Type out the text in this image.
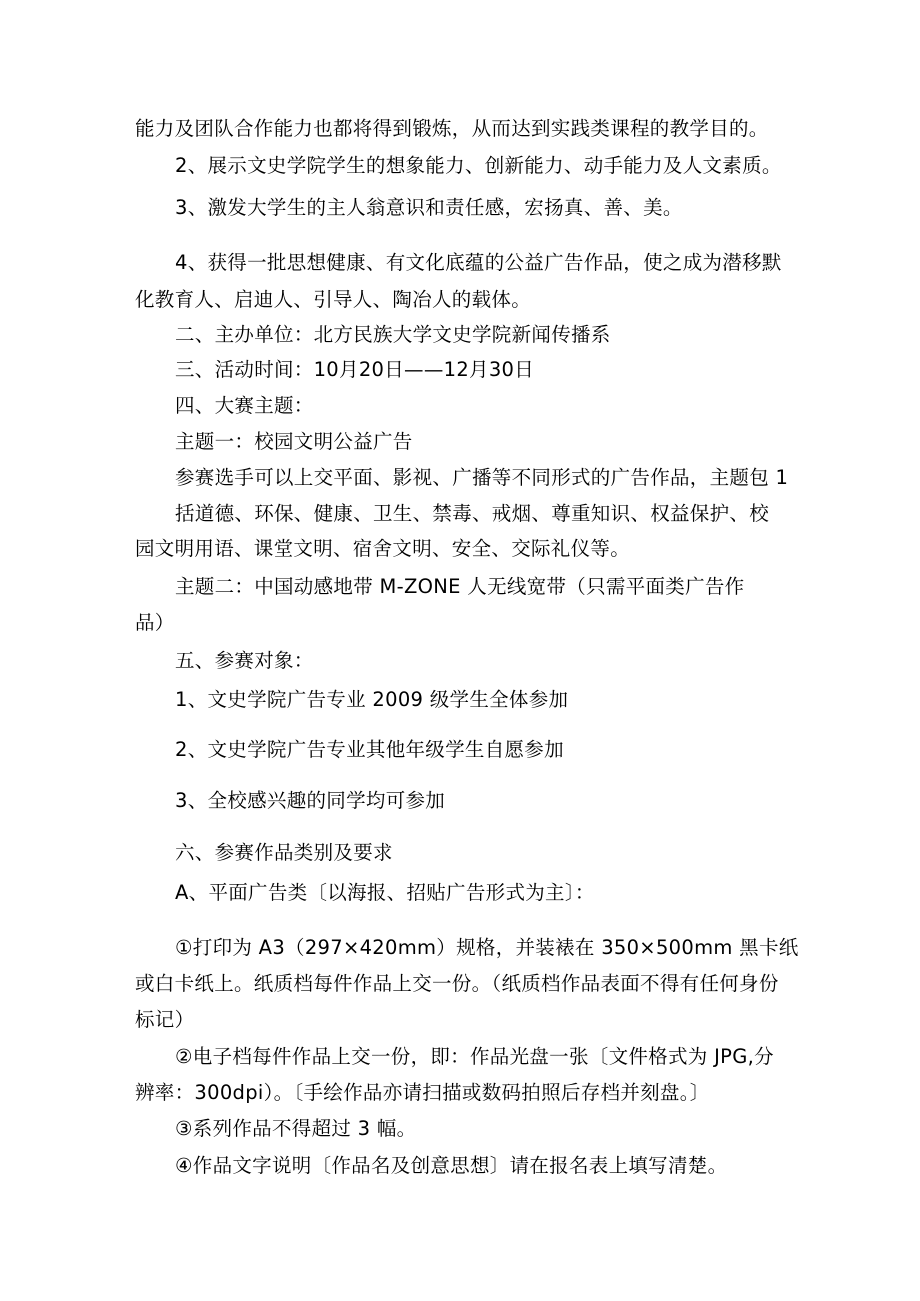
能力及团队合作能力也都将得到锻炼，从而达到实践类课程的教学目的。
2、展示文史学院学生的想象能力、创新能力、动手能力及人文素质。
3、激发大学生的主人翁意识和责任感，宏扬真、善、美。
4、获得一批思想健康、有文化底蕴的公益广告作品，使之成为潜移默
化教育人、启迪人、引导人、陶冶人的载体。
二、主办单位：北方民族大学文史学院新闻传播系
三、活动时间：10月20日——12月30日
四、大赛主题：
主题一：校园文明公益广告
参赛选手可以上交平面、影视、广播等不同形式的广告作品，主题包 1
括道德、环保、健康、卫生、禁毒、戒烟、尊重知识、权益保护、校
园文明用语、课堂文明、宿舍文明、安全、交际礼仪等。
主题二：中国动感地带 M-ZONE 人无线宽带（只需平面类广告作
品）
五、参赛对象：
1、文史学院广告专业 2009 级学生全体参加
2、文史学院广告专业其他年级学生自愿参加
3、全校感兴趣的同学均可参加
六、参赛作品类别及要求
A、平面广告类〔以海报、招贴广告形式为主〕：
①打印为 A3（297×420mm）规格，并装裱在 350×500mm 黑卡纸
或白卡纸上。纸质档每件作品上交一份。（纸质档作品表面不得有任何身份
标记）
②电子档每件作品上交一份，即：作品光盘一张〔文件格式为 JPG,分
辨率：300dpi）。〔手绘作品亦请扫描或数码拍照后存档并刻盘。〕
③系列作品不得超过 3 幅。
④作品文字说明〔作品名及创意思想〕请在报名表上填写清楚。
